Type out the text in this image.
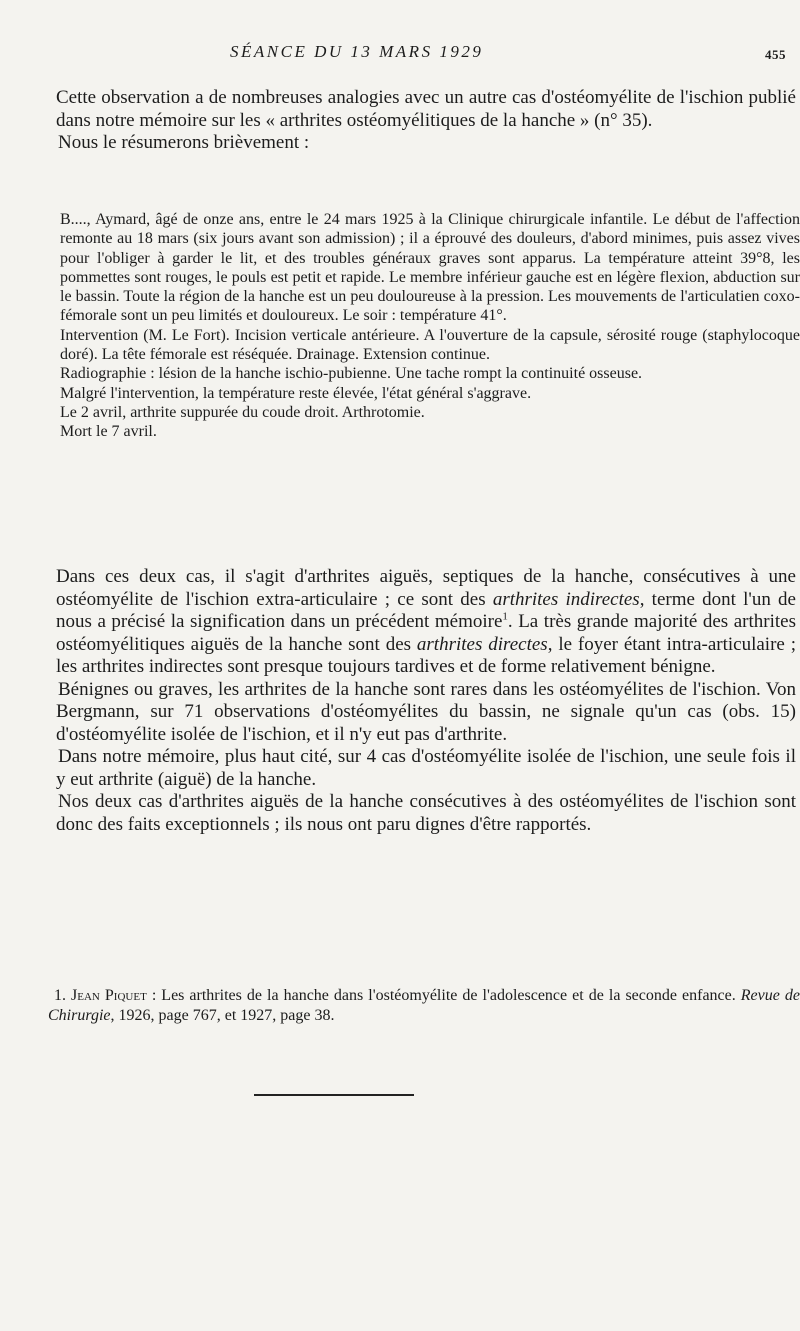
SÉANCE DU 13 MARS 1929	455

Cette observation a de nombreuses analogies avec un autre cas d'ostéomyélite de l'ischion publié dans notre mémoire sur les « arthrites ostéomyélitiques de la hanche » (n° 35).

Nous le résumerons brièvement :

B...., Aymard, âgé de onze ans, entre le 24 mars 1925 à la Clinique chirurgicale infantile. Le début de l'affection remonte au 18 mars (six jours avant son admission) ; il a éprouvé des douleurs, d'abord minimes, puis assez vives pour l'obliger à garder le lit, et des troubles généraux graves sont apparus. La température atteint 39°8, les pommettes sont rouges, le pouls est petit et rapide. Le membre inférieur gauche est en légère flexion, abduction sur le bassin. Toute la région de la hanche est un peu douloureuse à la pression. Les mouvements de l'articulatien coxo-fémorale sont un peu limités et douloureux. Le soir : température 41°.

Intervention (M. Le Fort). Incision verticale antérieure. A l'ouverture de la capsule, sérosité rouge (staphylocoque doré). La tête fémorale est réséquée. Drainage. Extension continue.

Radiographie : lésion de la hanche ischio-pubienne. Une tache rompt la continuité osseuse.

Malgré l'intervention, la température reste élevée, l'état général s'aggrave.

Le 2 avril, arthrite suppurée du coude droit. Arthrotomie.

Mort le 7 avril.

Dans ces deux cas, il s'agit d'arthrites aiguës, septiques de la hanche, consécutives à une ostéomyélite de l'ischion extra-articulaire ; ce sont des arthrites indirectes, terme dont l'un de nous a précisé la signification dans un précédent mémoire$^1$. La très grande majorité des arthrites ostéomyélitiques aiguës de la hanche sont des arthrites directes, le foyer étant intra-articulaire ; les arthrites indirectes sont presque toujours tardives et de forme relativement bénigne.

Bénignes ou graves, les arthrites de la hanche sont rares dans les ostéomyélites de l'ischion. Von Bergmann, sur 71 observations d'ostéomyélites du bassin, ne signale qu'un cas (obs. 15) d'ostéomyélite isolée de l'ischion, et il n'y eut pas d'arthrite.

Dans notre mémoire, plus haut cité, sur 4 cas d'ostéomyélite isolée de l'ischion, une seule fois il y eut arthrite (aiguë) de la hanche.

Nos deux cas d'arthrites aiguës de la hanche consécutives à des ostéomyélites de l'ischion sont donc des faits exceptionnels ; ils nous ont paru dignes d'être rapportés.

1. Jean Piquet : Les arthrites de la hanche dans l'ostéomyélite de l'adolescence et de la seconde enfance. Revue de Chirurgie, 1926, page 767, et 1927, page 38.
